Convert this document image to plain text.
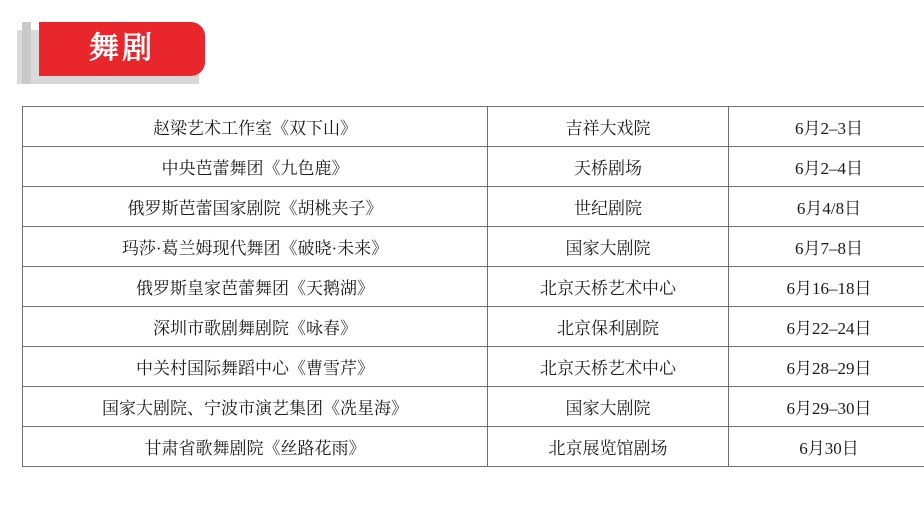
舞剧
赵梁艺术工作室《双下山》	吉祥大戏院	6月2–3日
中央芭蕾舞团《九色鹿》	天桥剧场	6月2–4日
俄罗斯芭蕾国家剧院《胡桃夹子》	世纪剧院	6月4/8日
玛莎·葛兰姆现代舞团《破晓·未来》	国家大剧院	6月7–8日
俄罗斯皇家芭蕾舞团《天鹅湖》	北京天桥艺术中心	6月16–18日
深圳市歌剧舞剧院《咏春》	北京保利剧院	6月22–24日
中关村国际舞蹈中心《曹雪芹》	北京天桥艺术中心	6月28–29日
国家大剧院、宁波市演艺集团《冼星海》	国家大剧院	6月29–30日
甘肃省歌舞剧院《丝路花雨》	北京展览馆剧场	6月30日
